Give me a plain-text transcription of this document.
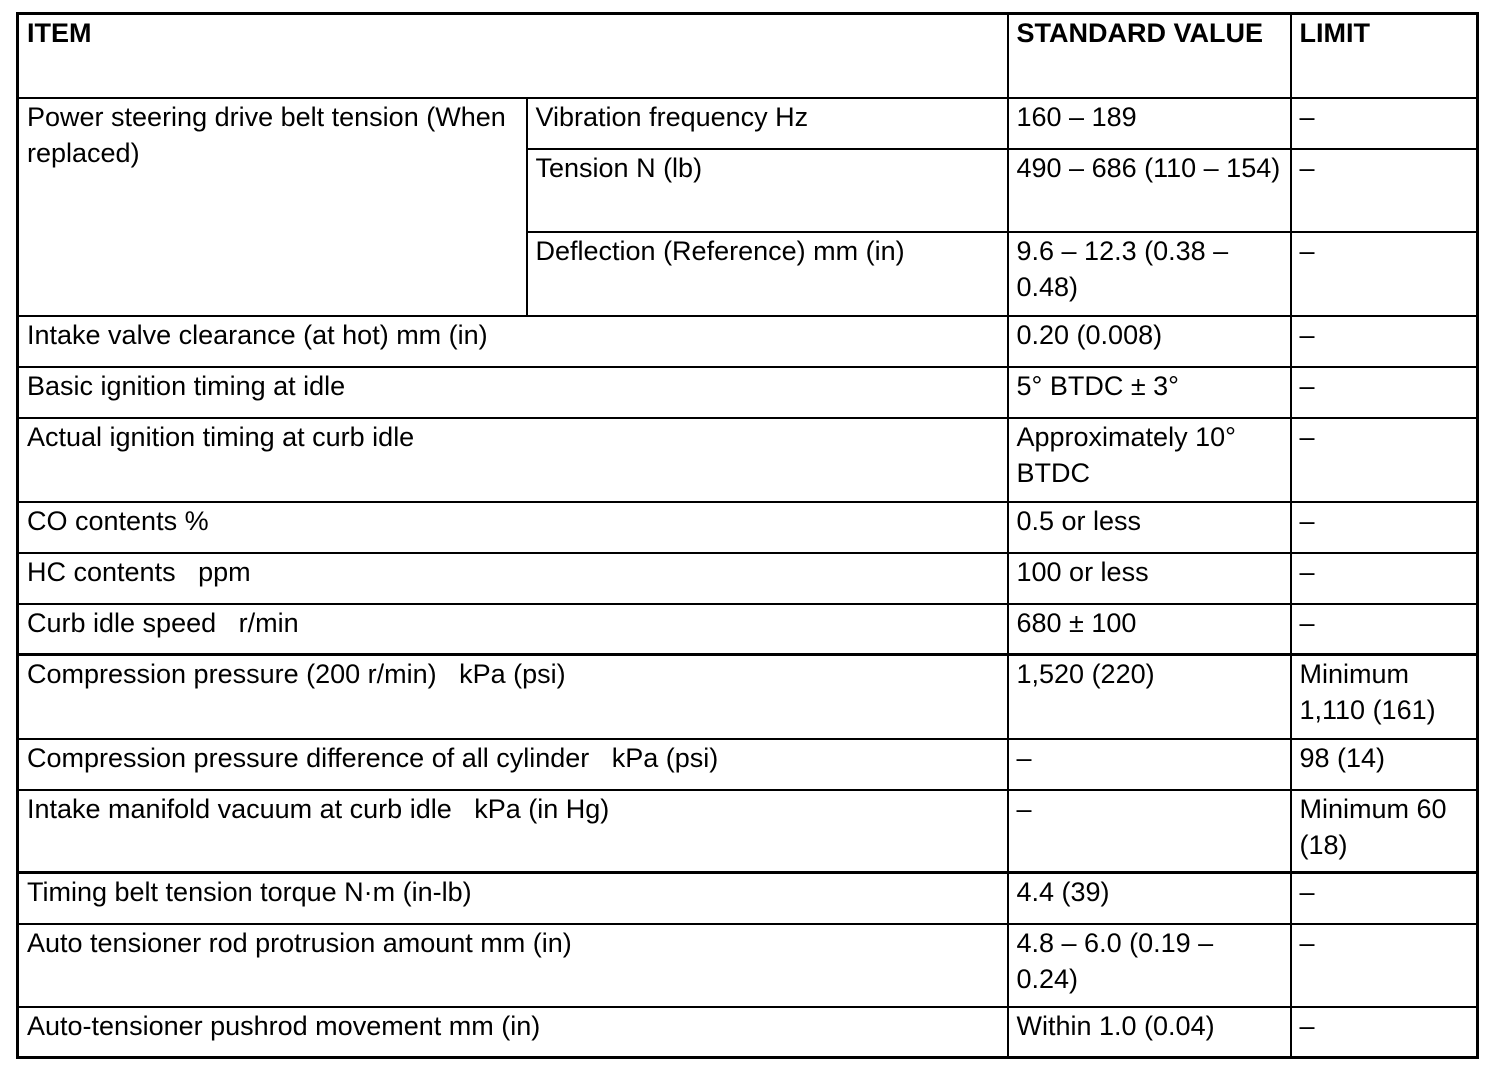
ITEM		STANDARD VALUE	LIMIT
Power steering drive belt tension (When replaced)	Vibration frequency Hz	160 – 189	–
	Tension N (lb)	490 – 686 (110 – 154)	–
	Deflection (Reference) mm (in)	9.6 – 12.3 (0.38 – 0.48)	–
Intake valve clearance (at hot) mm (in)		0.20 (0.008)	–
Basic ignition timing at idle		5° BTDC ± 3°	–
Actual ignition timing at curb idle		Approximately 10° BTDC	–
CO contents %		0.5 or less	–
HC contents   ppm		100 or less	–
Curb idle speed   r/min		680 ± 100	–
Compression pressure (200 r/min)   kPa (psi)		1,520 (220)	Minimum 1,110 (161)
Compression pressure difference of all cylinder   kPa (psi)		–	98 (14)
Intake manifold vacuum at curb idle   kPa (in Hg)		–	Minimum 60 (18)
Timing belt tension torque N·m (in-lb)		4.4 (39)	–
Auto tensioner rod protrusion amount mm (in)		4.8 – 6.0 (0.19 – 0.24)	–
Auto-tensioner pushrod movement mm (in)		Within 1.0 (0.04)	–
